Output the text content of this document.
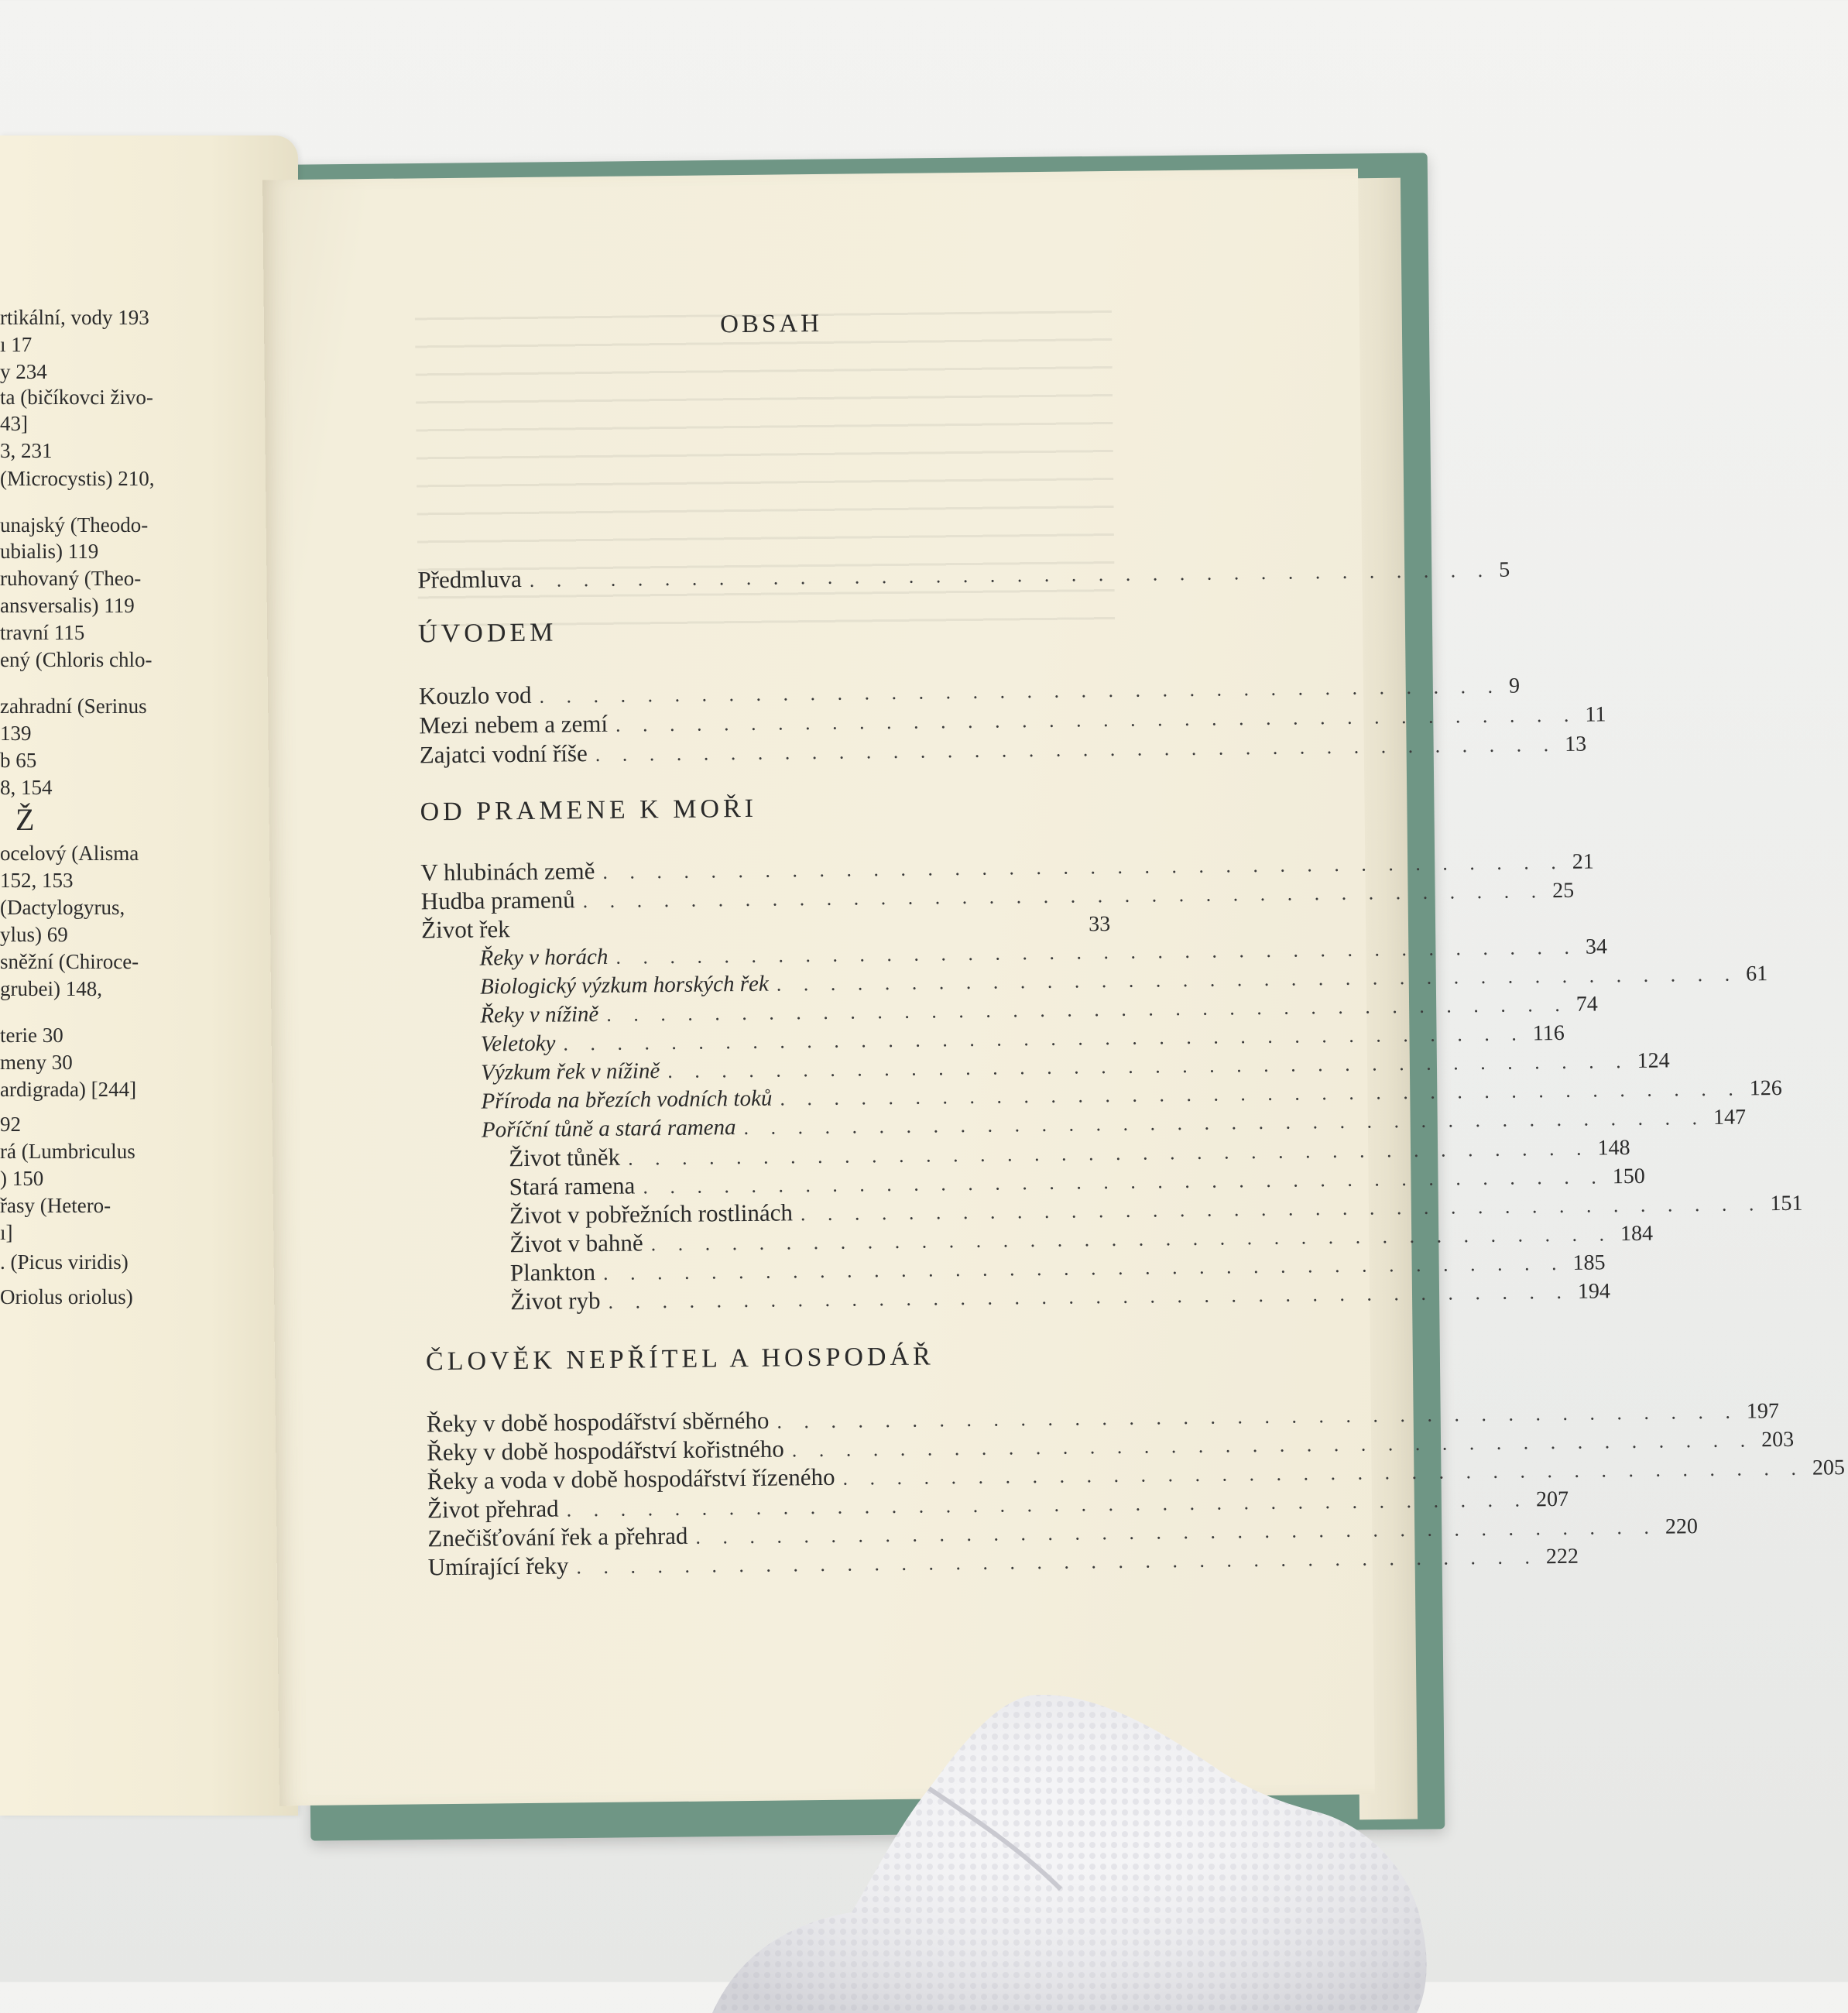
rtikální, vody 193
ı 17
y 234
ta (bičíkovci živo-
43]
3, 231
(Microcystis) 210,
unajský (Theodo-
ubialis) 119
ruhovaný (Theo-
ansversalis) 119
travní 115
ený (Chloris chlo-
zahradní (Serinus
139
b 65
8, 154
Ž
ocelový (Alisma
152, 153
(Dactylogyrus,
ylus) 69
sněžní (Chiroce-
grubei) 148,
terie 30
meny 30
ardigrada) [244]
92
rá (Lumbriculus
) 150
řasy (Hetero-
ı]
. (Picus viridis)
Oriolus oriolus)
OBSAH
Předmluva . . . . . . . . . . . . . . . . . . . . . . . . . . . . . . . . . . . . 5
ÚVODEM
Kouzlo vod . . . . . . . . . . . . . . . . . . . . . . . . . . . . . . . . . . . . 9
Mezi nebem a zemí . . . . . . . . . . . . . . . . . . . . . . . . . . . . . . . . . . . . 11
Zajatci vodní říše . . . . . . . . . . . . . . . . . . . . . . . . . . . . . . . . . . . . 13
OD PRAMENE K MOŘI
V hlubinách země . . . . . . . . . . . . . . . . . . . . . . . . . . . . . . . . . . . . 21
Hudba pramenů . . . . . . . . . . . . . . . . . . . . . . . . . . . . . . . . . . . . 25
Život řek	33
Řeky v horách . . . . . . . . . . . . . . . . . . . . . . . . . . . . . . . . . . . . 34
Biologický výzkum horských řek . . . . . . . . . . . . . . . . . . . . . . . . . . . . . . . . . . . . 61
Řeky v nížině . . . . . . . . . . . . . . . . . . . . . . . . . . . . . . . . . . . . 74
Veletoky . . . . . . . . . . . . . . . . . . . . . . . . . . . . . . . . . . . . 116
Výzkum řek v nížině . . . . . . . . . . . . . . . . . . . . . . . . . . . . . . . . . . . . 124
Příroda na březích vodních toků . . . . . . . . . . . . . . . . . . . . . . . . . . . . . . . . . . . . 126
Poříční tůně a stará ramena . . . . . . . . . . . . . . . . . . . . . . . . . . . . . . . . . . . . 147
Život tůněk . . . . . . . . . . . . . . . . . . . . . . . . . . . . . . . . . . . . 148
Stará ramena . . . . . . . . . . . . . . . . . . . . . . . . . . . . . . . . . . . . 150
Život v pobřežních rostlinách . . . . . . . . . . . . . . . . . . . . . . . . . . . . . . . . . . . . 151
Život v bahně . . . . . . . . . . . . . . . . . . . . . . . . . . . . . . . . . . . . 184
Plankton . . . . . . . . . . . . . . . . . . . . . . . . . . . . . . . . . . . . 185
Život ryb . . . . . . . . . . . . . . . . . . . . . . . . . . . . . . . . . . . . 194
ČLOVĚK NEPŘÍTEL A HOSPODÁŘ
Řeky v době hospodářství sběrného . . . . . . . . . . . . . . . . . . . . . . . . . . . . . . . . . . . . 197
Řeky v době hospodářství kořistného . . . . . . . . . . . . . . . . . . . . . . . . . . . . . . . . . . . . 203
Řeky a voda v době hospodářství řízeného . . . . . . . . . . . . . . . . . . . . . . . . . . . . . . . . . . . . 205
Život přehrad . . . . . . . . . . . . . . . . . . . . . . . . . . . . . . . . . . . . 207
Znečišťování řek a přehrad . . . . . . . . . . . . . . . . . . . . . . . . . . . . . . . . . . . . 220
Umírající řeky . . . . . . . . . . . . . . . . . . . . . . . . . . . . . . . . . . . . 222
